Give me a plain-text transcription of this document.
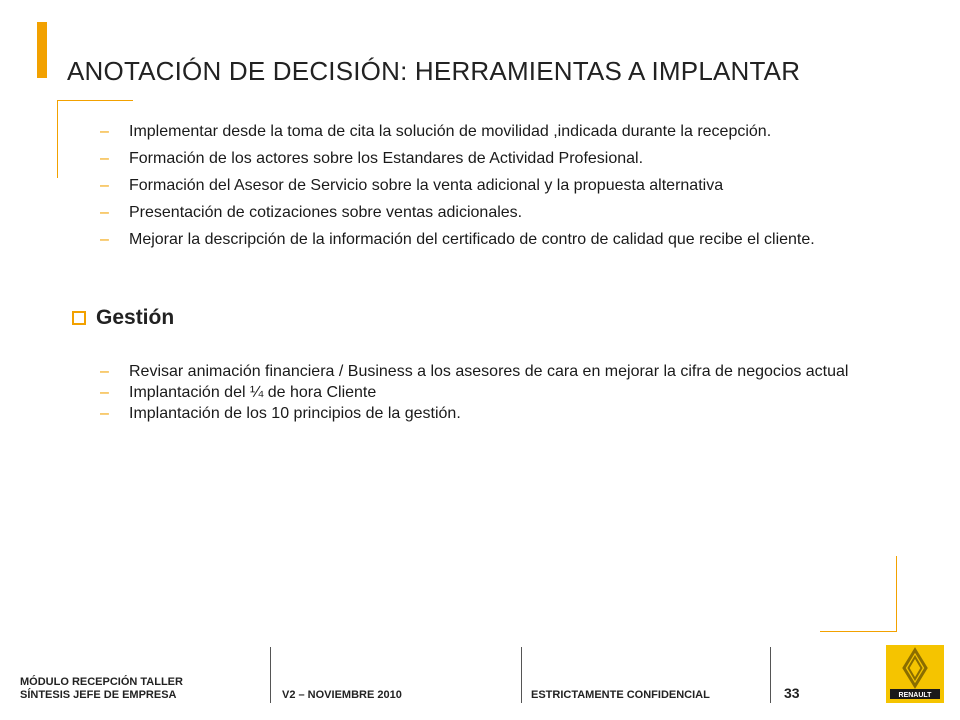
ANOTACIÓN DE DECISIÓN: HERRAMIENTAS A IMPLANTAR
– Implementar desde la toma de cita la solución de movilidad ,indicada durante la recepción.
– Formación de los actores sobre los Estandares de Actividad Profesional.
– Formación del Asesor de Servicio sobre la venta adicional y la propuesta alternativa
– Presentación de cotizaciones sobre ventas adicionales.
– Mejorar la descripción de la información del certificado de contro de calidad que recibe el cliente.
Gestión
– Revisar animación financiera / Business a los asesores de cara en mejorar la cifra de negocios actual
– Implantación del ¼ de hora Cliente
– Implantación de los 10 principios de la gestión.
MÓDULO RECEPCIÓN TALLER
SÍNTESIS JEFE DE EMPRESA	V2 – NOVIEMBRE 2010	ESTRICTAMENTE CONFIDENCIAL	33	RENAULT
